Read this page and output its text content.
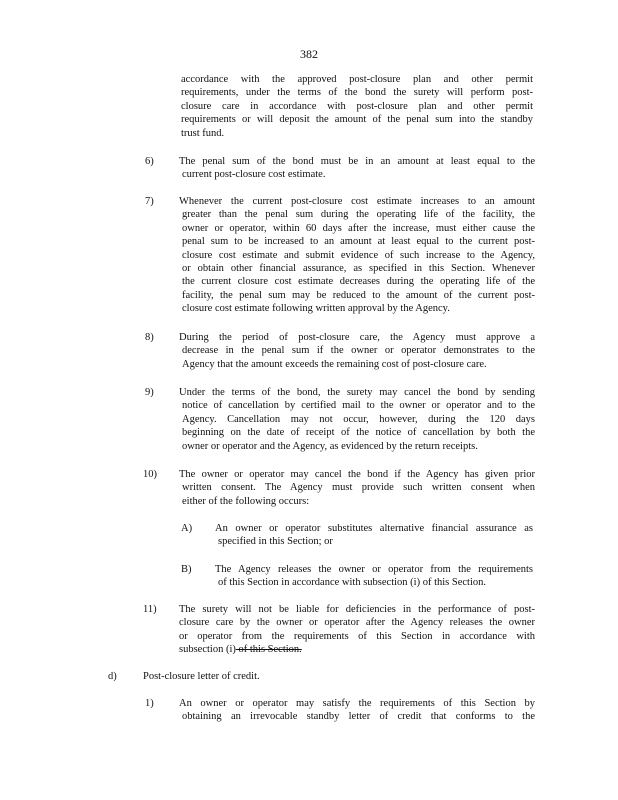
382
accordance with the approved post-closure plan and other permit
requirements, under the terms of the bond the surety will perform post-
closure care in accordance with post-closure plan and other permit
requirements or will deposit the amount of the penal sum into the standby
trust fund.
6)	The penal sum of the bond must be in an amount at least equal to the
current post-closure cost estimate.
7)	Whenever the current post-closure cost estimate increases to an amount
greater than the penal sum during the operating life of the facility, the
owner or operator, within 60 days after the increase, must either cause the
penal sum to be increased to an amount at least equal to the current post-
closure cost estimate and submit evidence of such increase to the Agency,
or obtain other financial assurance, as specified in this Section. Whenever
the current closure cost estimate decreases during the operating life of the
facility, the penal sum may be reduced to the amount of the current post-
closure cost estimate following written approval by the Agency.
8)	During the period of post-closure care, the Agency must approve a
decrease in the penal sum if the owner or operator demonstrates to the
Agency that the amount exceeds the remaining cost of post-closure care.
9)	Under the terms of the bond, the surety may cancel the bond by sending
notice of cancellation by certified mail to the owner or operator and to the
Agency. Cancellation may not occur, however, during the 120 days
beginning on the date of receipt of the notice of cancellation by both the
owner or operator and the Agency, as evidenced by the return receipts.
10)	The owner or operator may cancel the bond if the Agency has given prior
written consent. The Agency must provide such written consent when
either of the following occurs:
A)	An owner or operator substitutes alternative financial assurance as
specified in this Section; or
B)	The Agency releases the owner or operator from the requirements
of this Section in accordance with subsection (i) of this Section.
11)	The surety will not be liable for deficiencies in the performance of post-
closure care by the owner or operator after the Agency releases the owner
or operator from the requirements of this Section in accordance with
subsection (i) of this Section.
d)	Post-closure letter of credit.
1)	An owner or operator may satisfy the requirements of this Section by
obtaining an irrevocable standby letter of credit that conforms to the
